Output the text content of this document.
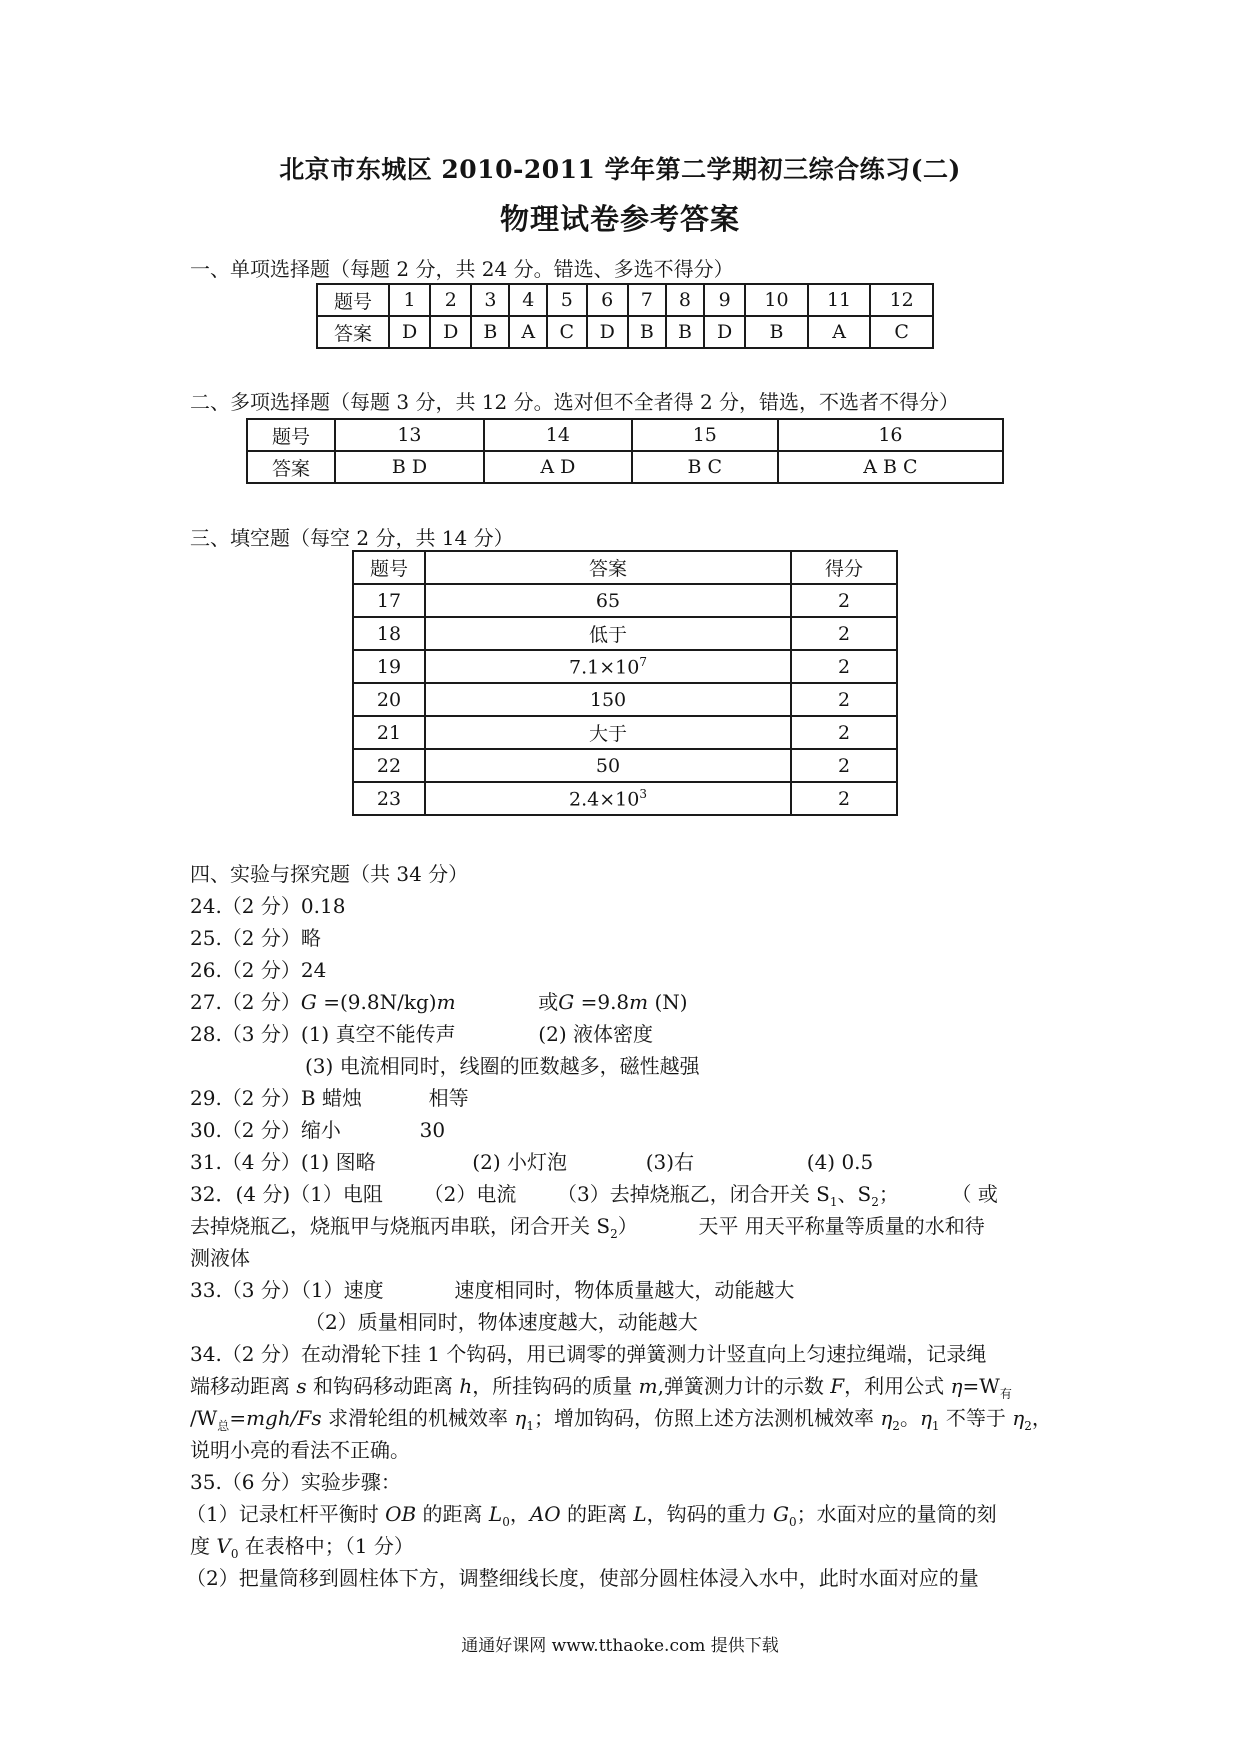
北京市东城区 2010-2011 学年第二学期初三综合练习(二)
物理试卷参考答案
一、单项选择题（每题 2 分，共 24 分。错选、多选不得分）
题号	1	2	3	4	5	6	7	8	9	10	11	12
答案	D	D	B	A	C	D	B	B	D	B	A	C
二、多项选择题（每题 3 分，共 12 分。选对但不全者得 2 分，错选，不选者不得分）
题号	13	14	15	16
答案	B D	A D	B C	A B C
三、填空题（每空 2 分，共 14 分）
题号	答案	得分
17	65	2
18	低于	2
19	$7.1\times 10^7$	2
20	150	2
21	大于	2
22	50	2
23	$2.4\times 10^3$	2
四、实验与探究题（共 34 分）
24.（2 分）0.18
25.（2 分）略
26.（2 分）24
27.（2 分）G =(9.8N/kg)m	或G =9.8m (N)
28.（3 分）(1) 真空不能传声	(2) 液体密度
(3) 电流相同时，线圈的匝数越多，磁性越强
29.（2 分）B 蜡烛	相等
30.（2 分）缩小	30
31.（4 分）(1) 图略	(2) 小灯泡	(3)右	(4) 0.5
32．(4 分)（1）电阻 （2）电流 （3）去掉烧瓶乙，闭合开关 $S_1$、$S_2$；	（ 或
去掉烧瓶乙，烧瓶甲与烧瓶丙串联，闭合开关 $S_2$）	天平 用天平称量等质量的水和待
测液体
33.（3 分）（1）速度	速度相同时，物体质量越大，动能越大
（2）质量相同时，物体速度越大，动能越大
34.（2 分）在动滑轮下挂 1 个钩码，用已调零的弹簧测力计竖直向上匀速拉绳端，记录绳
端移动距离 s 和钩码移动距离 h，所挂钩码的质量 m,弹簧测力计的示数 F，利用公式 $\eta=W_有$
$/W_总=mgh/Fs$ 求滑轮组的机械效率 $\eta_1$；增加钩码，仿照上述方法测机械效率 $\eta_2$。$\eta_1$ 不等于 $\eta_2$，
说明小亮的看法不正确。
35.（6 分）实验步骤：
（1）记录杠杆平衡时 OB 的距离 $L_0$，AO 的距离 L，钩码的重力 $G_0$；水面对应的量筒的刻
度 $V_0$ 在表格中；（1 分）
（2）把量筒移到圆柱体下方，调整细线长度，使部分圆柱体浸入水中，此时水面对应的量
通通好课网 www.tthaoke.com 提供下载
